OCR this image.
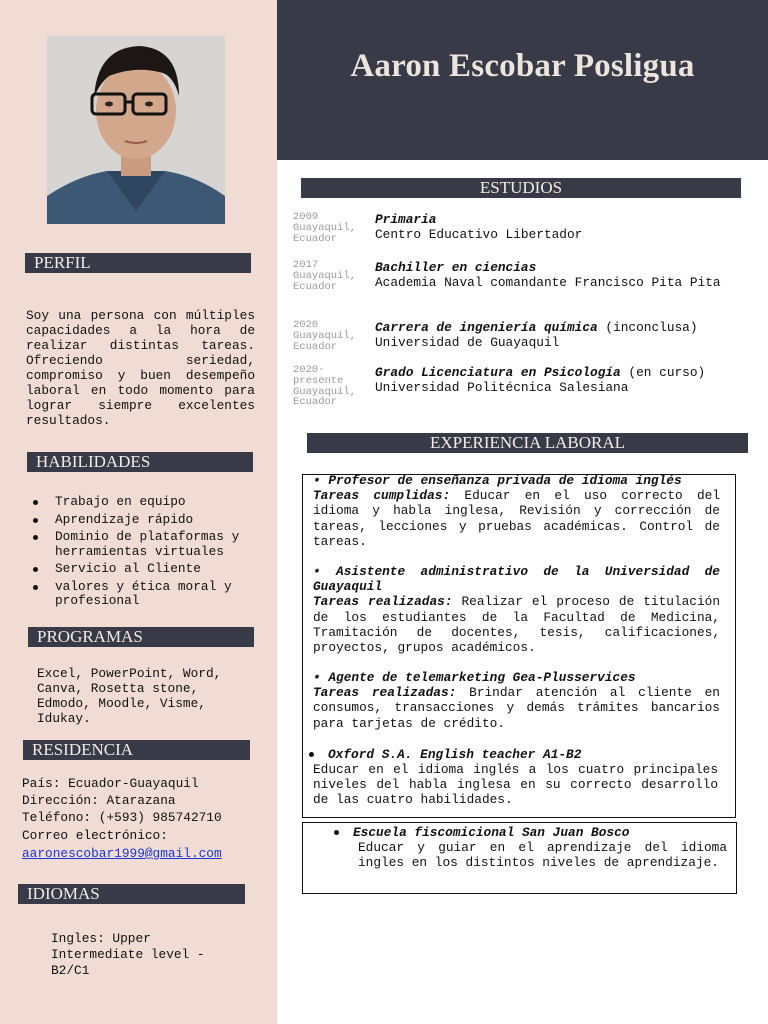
PERFIL
Soy una persona con múltiples capacidades a la hora de realizar distintas tareas. Ofreciendo seriedad, compromiso y buen desempeño laboral en todo momento para lograr siempre excelentes resultados.
HABILIDADES
Trabajo en equipo
Aprendizaje rápido
Dominio de plataformas y herramientas virtuales
Servicio al Cliente
valores y ética moral y profesional
PROGRAMAS
Excel, PowerPoint, Word, Canva, Rosetta stone, Edmodo, Moodle, Visme, Idukay.
RESIDENCIA
País: Ecuador-Guayaquil
Dirección: Atarazana
Teléfono: (+593) 985742710
Correo electrónico:
aaronescobar1999@gmail.com
IDIOMAS
Ingles: Upper Intermediate level - B2/C1
Aaron Escobar Posligua
ESTUDIOS
2009
Guayaquil, Ecuador
Primaria
Centro Educativo Libertador
2017
Guayaquil, Ecuador
Bachiller en ciencias
Academia Naval comandante Francisco Pita Pita
2020
Guayaquil, Ecuador
Carrera de ingeniería química (inconclusa)
Universidad de Guayaquil
2020-presente
Guayaquil, Ecuador
Grado Licenciatura en Psicología (en curso) Universidad Politécnica Salesiana
EXPERIENCIA LABORAL
• Profesor de enseñanza privada de idioma inglés
Tareas cumplidas: Educar en el uso correcto del idioma y habla inglesa, Revisión y corrección de tareas, lecciones y pruebas académicas. Control de tareas.
• Asistente administrativo de la Universidad de Guayaquil
Tareas realizadas: Realizar el proceso de titulación de los estudiantes de la Facultad de Medicina, Tramitación de docentes, tesis, calificaciones, proyectos, grupos académicos.
• Agente de telemarketing Gea-Plusservices
Tareas realizadas: Brindar atención al cliente en consumos, transacciones y demás trámites bancarios para tarjetas de crédito.
Oxford S.A. English teacher A1-B2
Educar en el idioma inglés a los cuatro principales niveles del habla inglesa en su correcto desarrollo de las cuatro habilidades.
Escuela fiscomicional San Juan Bosco
Educar y guiar en el aprendizaje del idioma ingles en los distintos niveles de aprendizaje.
